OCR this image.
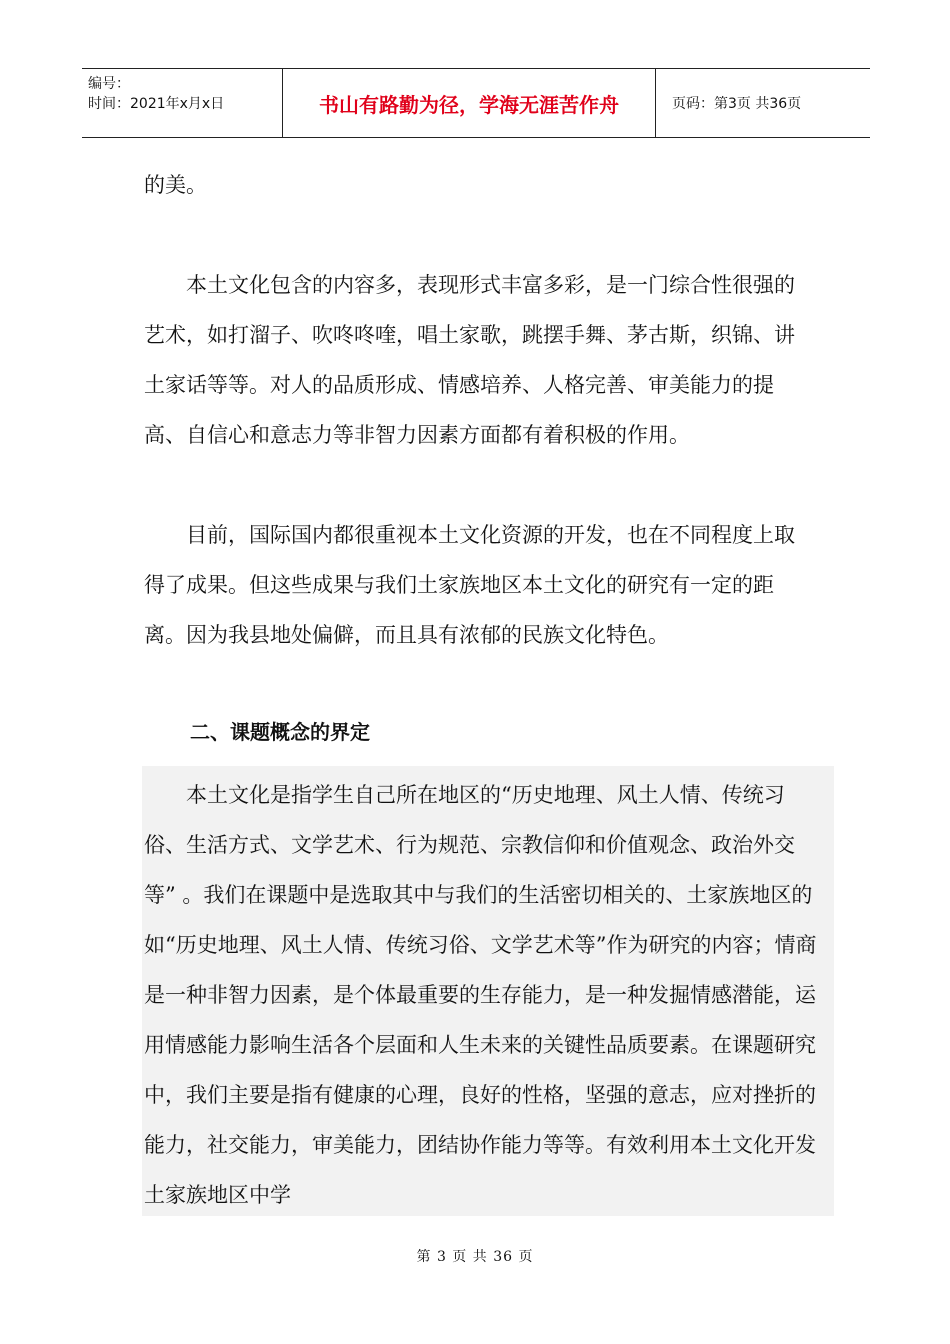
编号：
时间：2021年x月x日	书山有路勤为径，学海无涯苦作舟	页码：第3页 共36页

的美。

本土文化包含的内容多，表现形式丰富多彩，是一门综合性很强的艺术，如打溜子、吹咚咚喹，唱土家歌，跳摆手舞、茅古斯，织锦、讲土家话等等。对人的品质形成、情感培养、人格完善、审美能力的提高、自信心和意志力等非智力因素方面都有着积极的作用。

目前，国际国内都很重视本土文化资源的开发，也在不同程度上取得了成果。但这些成果与我们土家族地区本土文化的研究有一定的距离。因为我县地处偏僻，而且具有浓郁的民族文化特色。

二、课题概念的界定

本土文化是指学生自己所在地区的“历史地理、风土人情、传统习俗、生活方式、文学艺术、行为规范、宗教信仰和价值观念、政治外交等” 。我们在课题中是选取其中与我们的生活密切相关的、土家族地区的如“历史地理、风土人情、传统习俗、文学艺术等”作为研究的内容；情商是一种非智力因素，是个体最重要的生存能力，是一种发掘情感潜能，运用情感能力影响生活各个层面和人生未来的关键性品质要素。在课题研究中，我们主要是指有健康的心理，良好的性格，坚强的意志，应对挫折的能力，社交能力，审美能力，团结协作能力等等。有效利用本土文化开发土家族地区中学

第 3 页 共 36 页
